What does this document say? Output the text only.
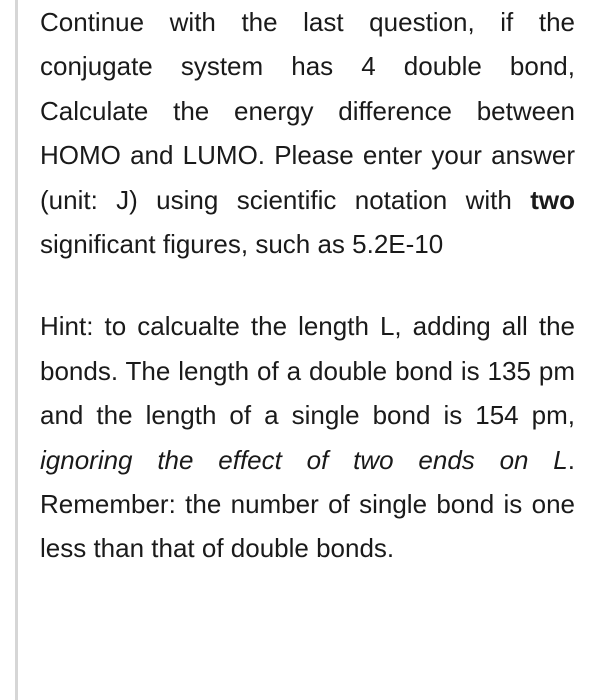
Continue with the last question, if the conjugate system has 4 double bond, Calculate the energy difference between HOMO and LUMO. Please enter your answer (unit: J) using scientific notation with two significant figures, such as 5.2E-10

Hint: to calcualte the length L, adding all the bonds. The length of a double bond is 135 pm and the length of a single bond is 154 pm, ignoring the effect of two ends on L. Remember: the number of single bond is one less than that of double bonds.
